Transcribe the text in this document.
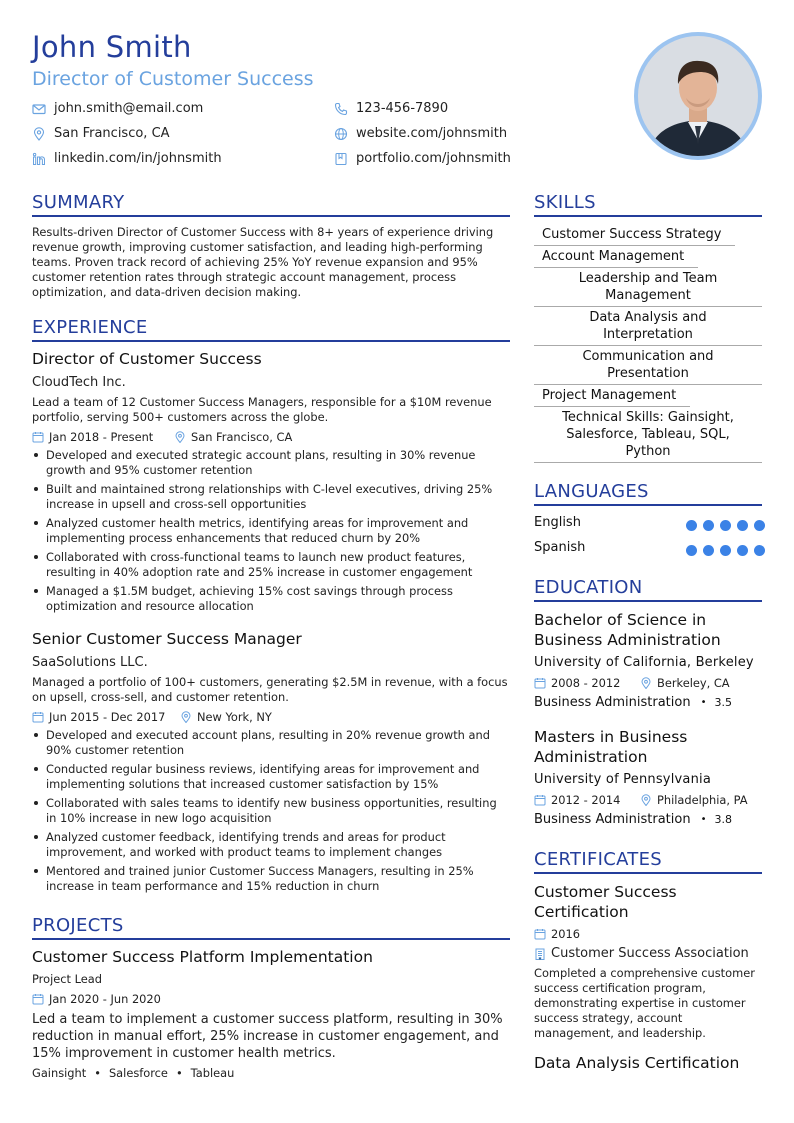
John Smith
Director of Customer Success
john.smith@email.com	123-456-7890
San Francisco, CA	website.com/johnsmith
linkedin.com/in/johnsmith	portfolio.com/johnsmith
SUMMARY
Results-driven Director of Customer Success with 8+ years of experience driving revenue growth, improving customer satisfaction, and leading high-performing teams. Proven track record of achieving 25% YoY revenue expansion and 95% customer retention rates through strategic account management, process optimization, and data-driven decision making.
EXPERIENCE
Director of Customer Success
CloudTech Inc.
Lead a team of 12 Customer Success Managers, responsible for a $10M revenue portfolio, serving 500+ customers across the globe.
Jan 2018 - Present	San Francisco, CA
Developed and executed strategic account plans, resulting in 30% revenue growth and 95% customer retention
Built and maintained strong relationships with C-level executives, driving 25% increase in upsell and cross-sell opportunities
Analyzed customer health metrics, identifying areas for improvement and implementing process enhancements that reduced churn by 20%
Collaborated with cross-functional teams to launch new product features, resulting in 40% adoption rate and 25% increase in customer engagement
Managed a $1.5M budget, achieving 15% cost savings through process optimization and resource allocation
Senior Customer Success Manager
SaaSolutions LLC.
Managed a portfolio of 100+ customers, generating $2.5M in revenue, with a focus on upsell, cross-sell, and customer retention.
Jun 2015 - Dec 2017	New York, NY
Developed and executed account plans, resulting in 20% revenue growth and 90% customer retention
Conducted regular business reviews, identifying areas for improvement and implementing solutions that increased customer satisfaction by 15%
Collaborated with sales teams to identify new business opportunities, resulting in 10% increase in new logo acquisition
Analyzed customer feedback, identifying trends and areas for product improvement, and worked with product teams to implement changes
Mentored and trained junior Customer Success Managers, resulting in 25% increase in team performance and 15% reduction in churn
PROJECTS
Customer Success Platform Implementation
Project Lead
Jan 2020 - Jun 2020
Led a team to implement a customer success platform, resulting in 30% reduction in manual effort, 25% increase in customer engagement, and 15% improvement in customer health metrics.
Gainsight • Salesforce • Tableau
SKILLS
Customer Success Strategy
Account Management
Leadership and Team Management
Data Analysis and Interpretation
Communication and Presentation
Project Management
Technical Skills: Gainsight, Salesforce, Tableau, SQL, Python
LANGUAGES
English
Spanish
EDUCATION
Bachelor of Science in Business Administration
University of California, Berkeley
2008 - 2012	Berkeley, CA
Business Administration • 3.5
Masters in Business Administration
University of Pennsylvania
2012 - 2014	Philadelphia, PA
Business Administration • 3.8
CERTIFICATES
Customer Success Certification
2016
Customer Success Association
Completed a comprehensive customer success certification program, demonstrating expertise in customer success strategy, account management, and leadership.
Data Analysis Certification
